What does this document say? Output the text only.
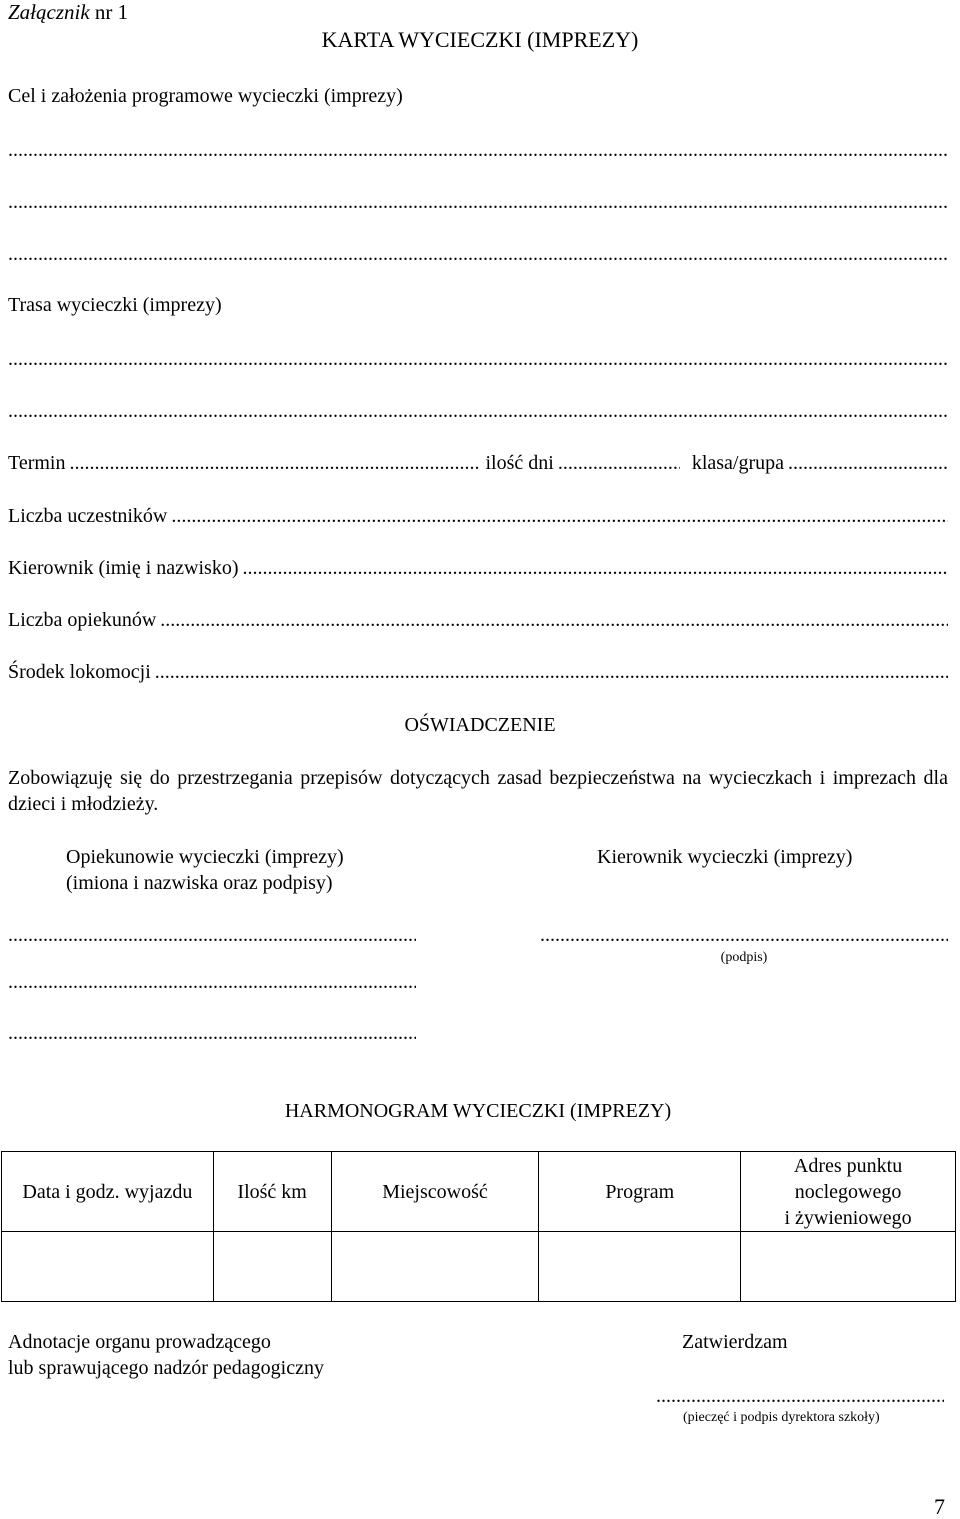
Załącznik nr 1
KARTA WYCIECZKI (IMPREZY)
Cel i założenia programowe wycieczki (imprezy)
.....
.....
.....
Trasa wycieczki (imprezy)
.....
.....
Termin .....	ilość dni .....	klasa/grupa
.....
Liczba uczestników
.....
Kierownik (imię i nazwisko)
.....
Liczba opiekunów
.....
Środek lokomocji
.....
OŚWIADCZENIE
Zobowiązuję się do przestrzegania przepisów dotyczących zasad bezpieczeństwa na wycieczkach i imprezach dla dzieci i młodzieży.
Opiekunowie wycieczki (imprezy)
(imiona i nazwiska oraz podpisy)
Kierownik wycieczki (imprezy)
.....
.....
.....
.....
(podpis)
HARMONOGRAM WYCIECZKI (IMPREZY)
Data i godz. wyjazdu	Ilość km	Miejscowość	Program	Adres punktu
noclegowego
i żywieniowego

Adnotacje organu prowadzącego
lub sprawującego nadzór pedagogiczny
Zatwierdzam
.....
(pieczęć i podpis dyrektora szkoły)
7
